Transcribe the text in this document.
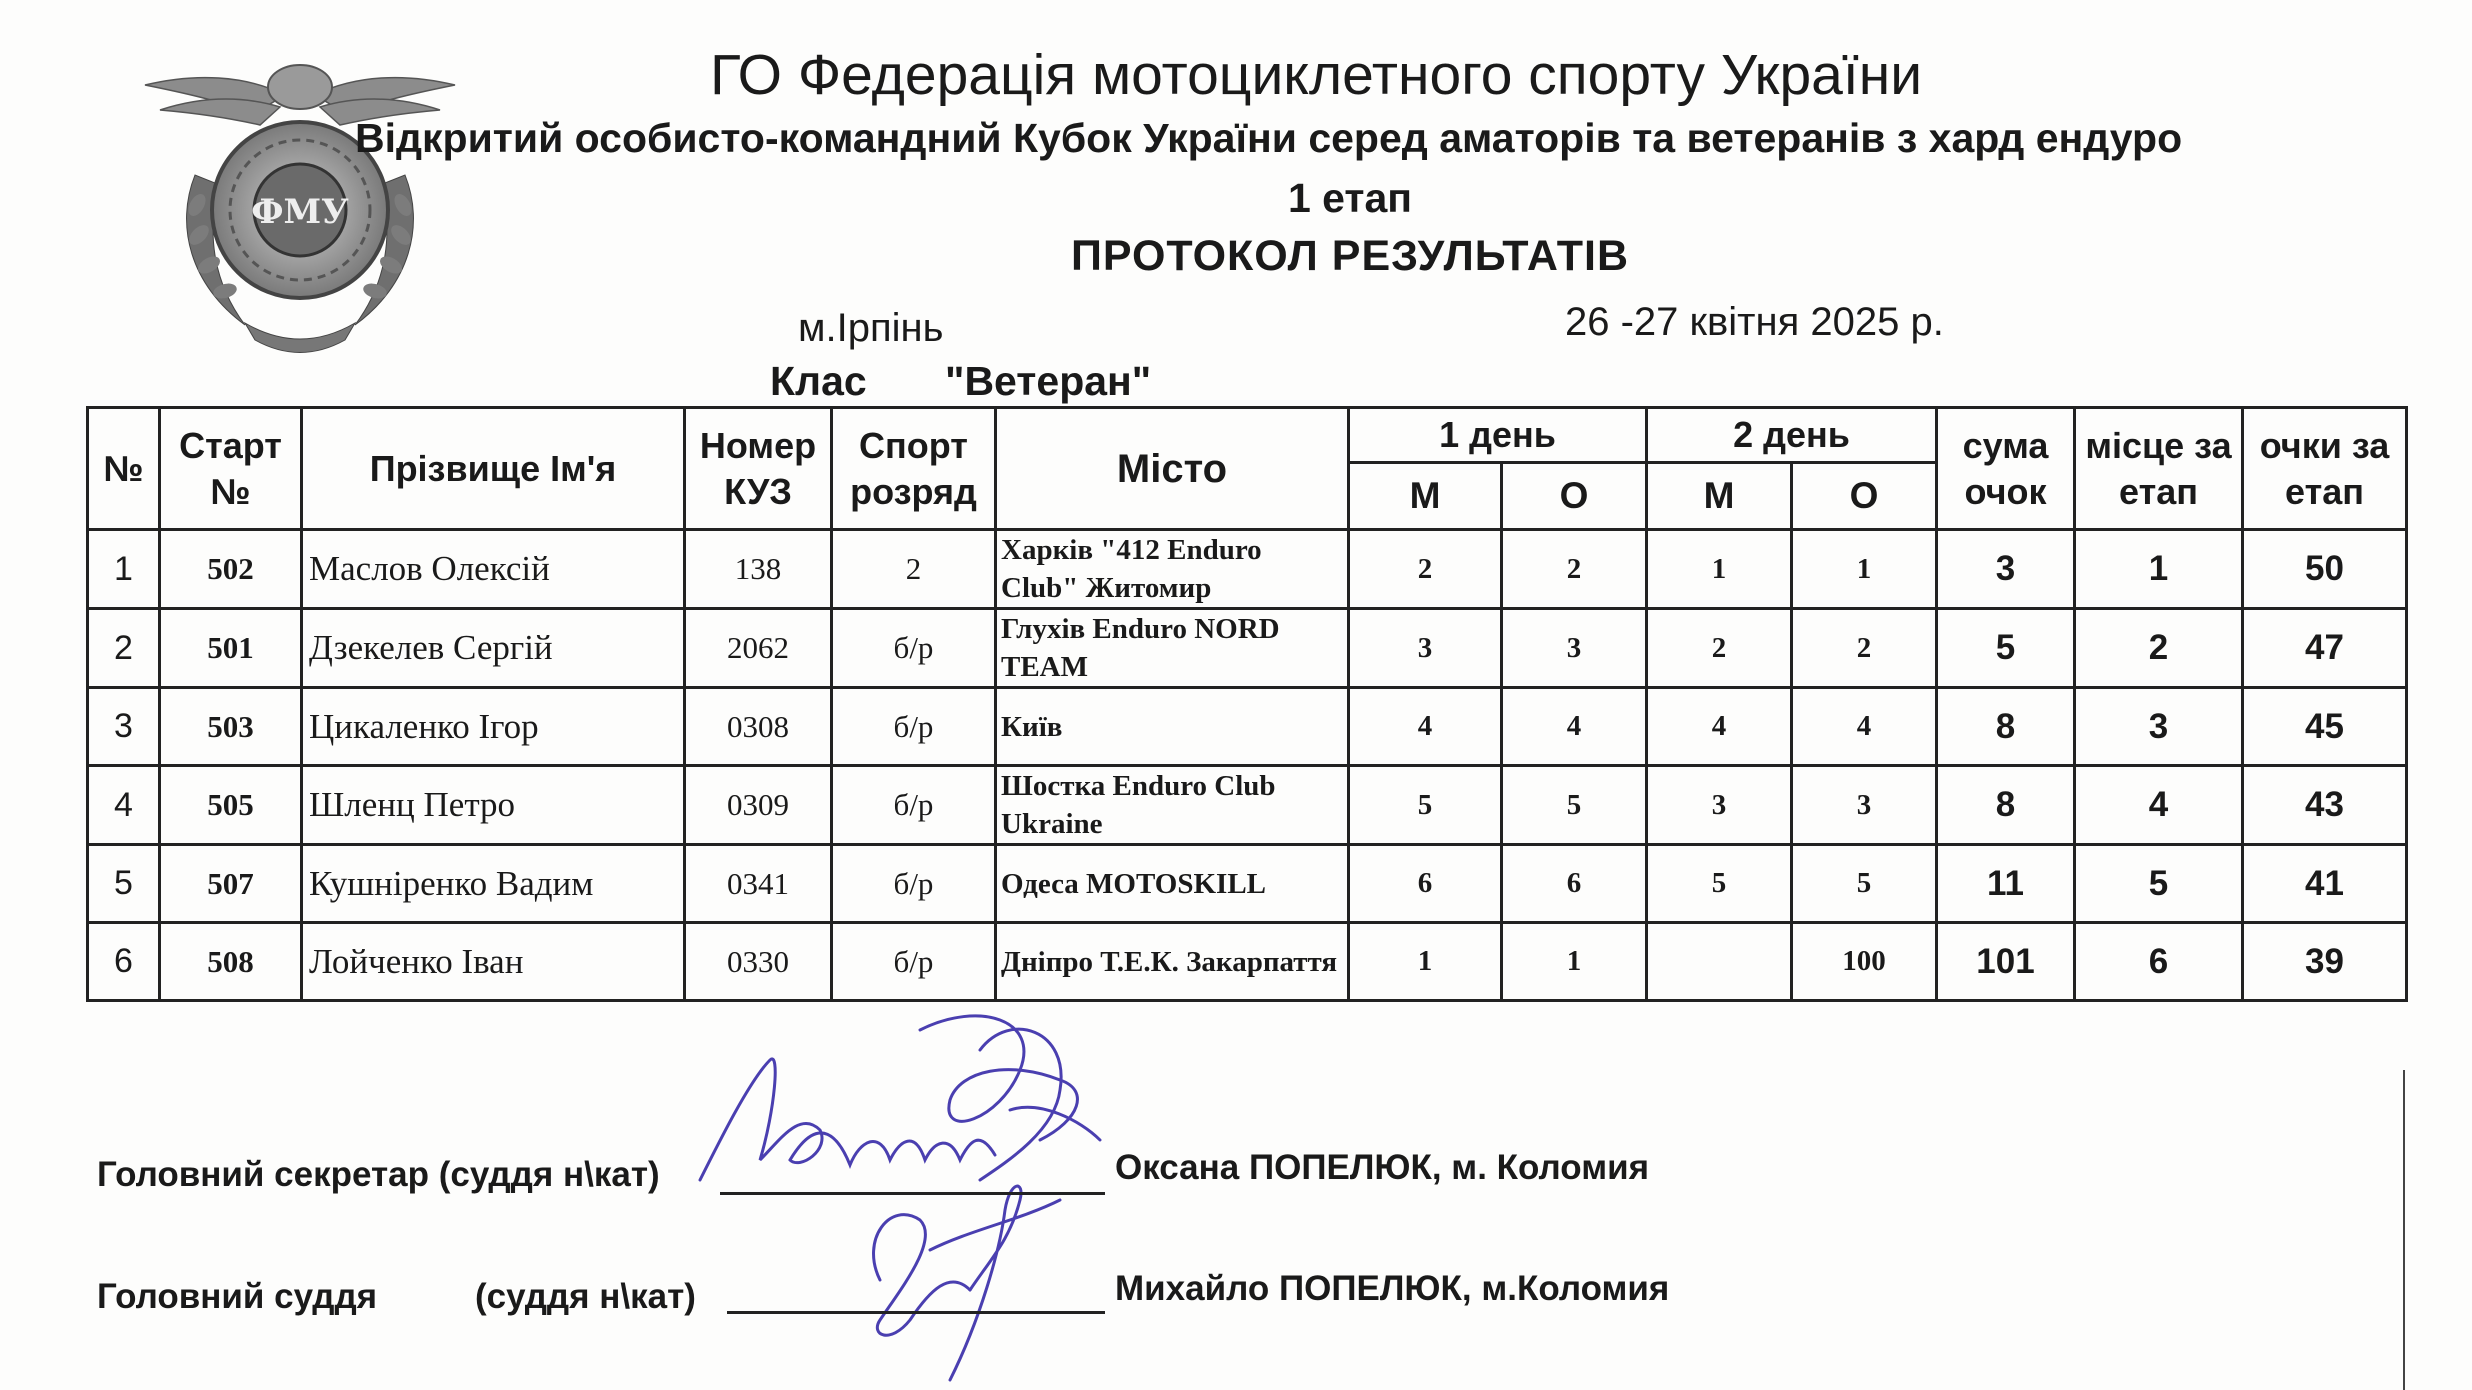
ФМУ
ГО Федерація мотоциклетного спорту України
Відкритий особисто-командний Кубок України серед аматорів та ветеранів з хард ендуро
1 етап
ПРОТОКОЛ РЕЗУЛЬТАТІВ
м.Ірпінь	26 -27 квітня 2025 р.
Клас "Ветеран"
№	Старт №	Прізвище Ім'я	Номер КУЗ	Спорт розряд	Місто	1 день		2 день		сума очок	місце за етап	очки за етап
						М	О	М	О			
1	502	Маслов Олексій	138	2	Харків "412 Enduro Club" Житомир	2	2	1	1	3	1	50
2	501	Дзекелев Сергій	2062	б/р	Глухів Enduro NORD TEAM	3	3	2	2	5	2	47
3	503	Цикаленко Ігор	0308	б/р	Київ	4	4	4	4	8	3	45
4	505	Шленц Петро	0309	б/р	Шостка Enduro Club Ukraine	5	5	3	3	8	4	43
5	507	Кушніренко Вадим	0341	б/р	Одеса MOTOSKILL	6	6	5	5	11	5	41
6	508	Лойченко Іван	0330	б/р	Дніпро Т.Е.К. Закарпаття	1	1		100	101	6	39
Головний секретар (суддя н\кат)	Оксана ПОПЕЛЮК, м. Коломия
Головний суддя	(суддя н\кат)	Михайло ПОПЕЛЮК, м.Коломия
